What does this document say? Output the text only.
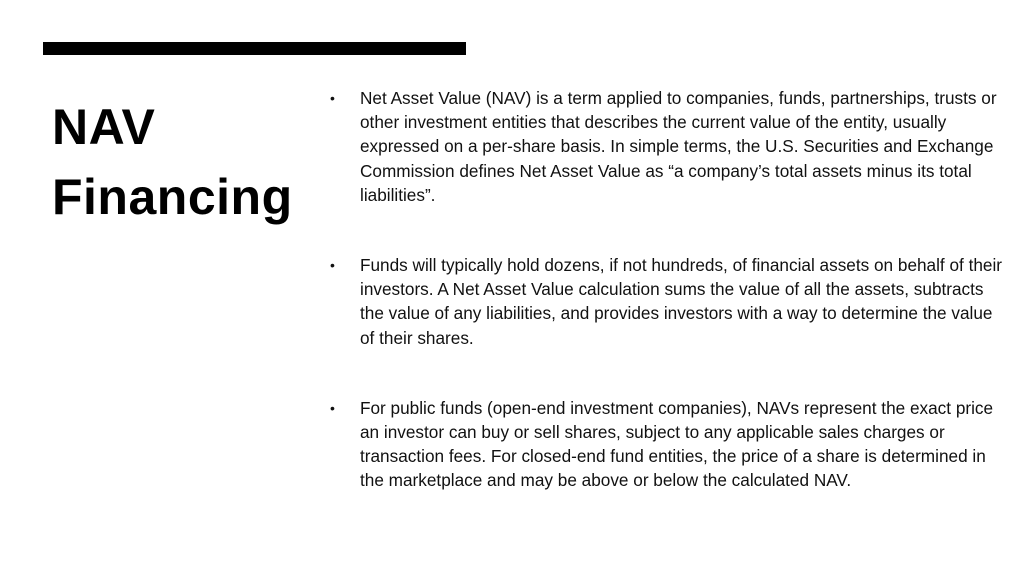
NAV
Financing
•	Net Asset Value (NAV) is a term applied to companies, funds, partnerships, trusts or other investment entities that describes the current value of the entity, usually expressed on a per-share basis. In simple terms, the U.S. Securities and Exchange Commission defines Net Asset Value as “a company’s total assets minus its total liabilities”.
•	Funds will typically hold dozens, if not hundreds, of financial assets on behalf of their investors. A Net Asset Value calculation sums the value of all the assets, subtracts the value of any liabilities, and provides investors with a way to determine the value of their shares.
•	For public funds (open-end investment companies), NAVs represent the exact price an investor can buy or sell shares, subject to any applicable sales charges or transaction fees. For closed-end fund entities, the price of a share is determined in the marketplace and may be above or below the calculated NAV.
